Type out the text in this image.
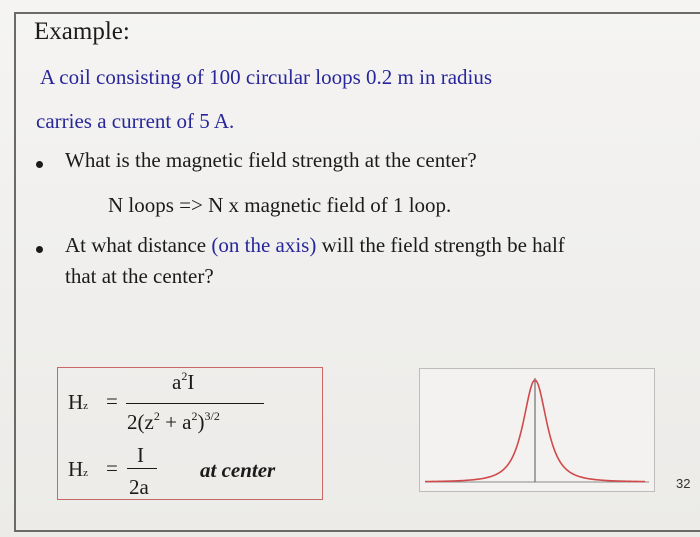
Example:
A coil consisting of 100 circular loops 0.2 m in radius
carries a current of 5 A.
What is the magnetic field strength at the center?
N loops => N x magnetic field of 1 loop.
At what distance (on the axis) will the field strength be half
that at the center?
Hz =
$a^2I$
$2(z^2 + a^2)^{3/2}$
Hz =
I
2a
at center
32
